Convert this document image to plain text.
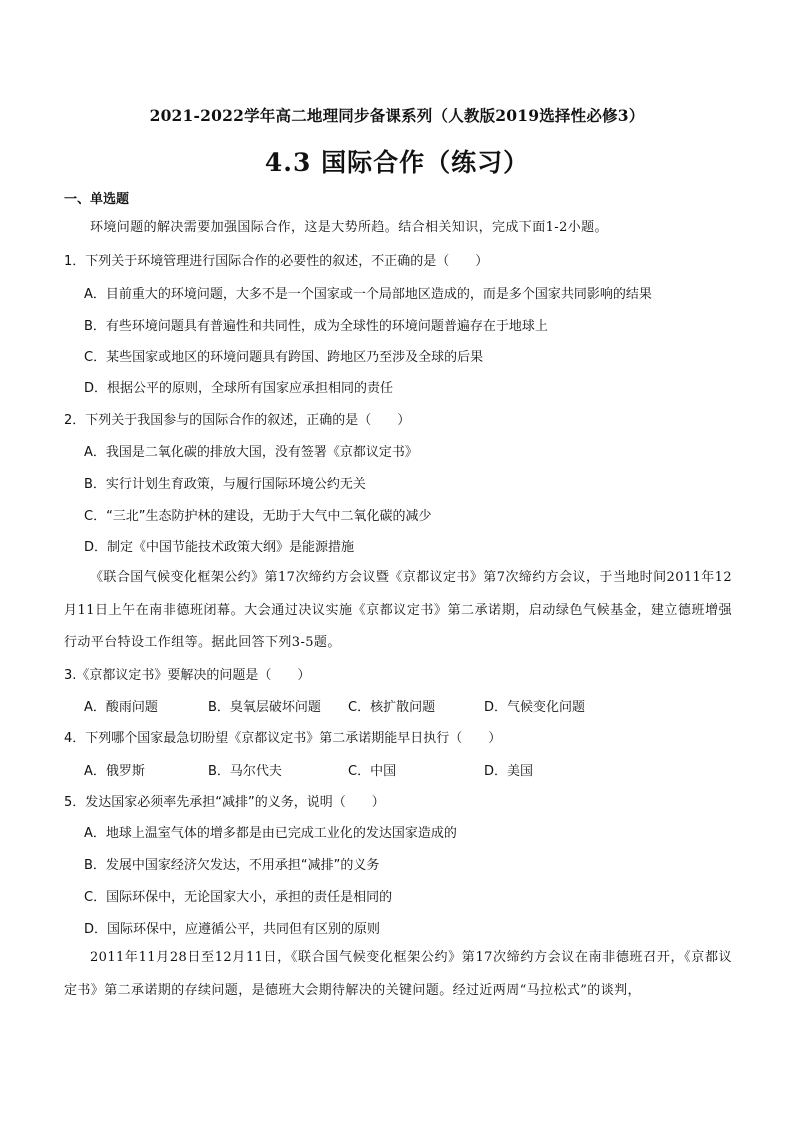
2021-2022学年高二地理同步备课系列（人教版2019选择性必修3）
4.3 国际合作（练习）
一、单选题
环境问题的解决需要加强国际合作，这是大势所趋。结合相关知识，完成下面1-2小题。
1．下列关于环境管理进行国际合作的必要性的叙述，不正确的是（　　）
A．目前重大的环境问题，大多不是一个国家或一个局部地区造成的，而是多个国家共同影响的结果
B．有些环境问题具有普遍性和共同性，成为全球性的环境问题普遍存在于地球上
C．某些国家或地区的环境问题具有跨国、跨地区乃至涉及全球的后果
D．根据公平的原则，全球所有国家应承担相同的责任
2．下列关于我国参与的国际合作的叙述，正确的是（　　）
A．我国是二氧化碳的排放大国，没有签署《京都议定书》
B．实行计划生育政策，与履行国际环境公约无关
C．“三北”生态防护林的建设，无助于大气中二氧化碳的减少
D．制定《中国节能技术政策大纲》是能源措施
《联合国气候变化框架公约》第17次缔约方会议暨《京都议定书》第7次缔约方会议，于当地时间2011年12月11日上午在南非德班闭幕。大会通过决议实施《京都议定书》第二承诺期，启动绿色气候基金，建立德班增强行动平台特设工作组等。据此回答下列3-5题。
3.《京都议定书》要解决的问题是（　　）
A．酸雨问题	B．臭氧层破坏问题 C．核扩散问题	D．气候变化问题
4．下列哪个国家最急切盼望《京都议定书》第二承诺期能早日执行（　　）
A．俄罗斯	B．马尔代夫	C．中国	D．美国
5．发达国家必须率先承担“减排”的义务，说明（　　）
A．地球上温室气体的增多都是由已完成工业化的发达国家造成的
B．发展中国家经济欠发达，不用承担“减排”的义务
C．国际环保中，无论国家大小，承担的责任是相同的
D．国际环保中，应遵循公平，共同但有区别的原则
2011年11月28日至12月11日，《联合国气候变化框架公约》第17次缔约方会议在南非德班召开，《京都议定书》第二承诺期的存续问题，是德班大会期待解决的关键问题。经过近两周“马拉松式”的谈判，
